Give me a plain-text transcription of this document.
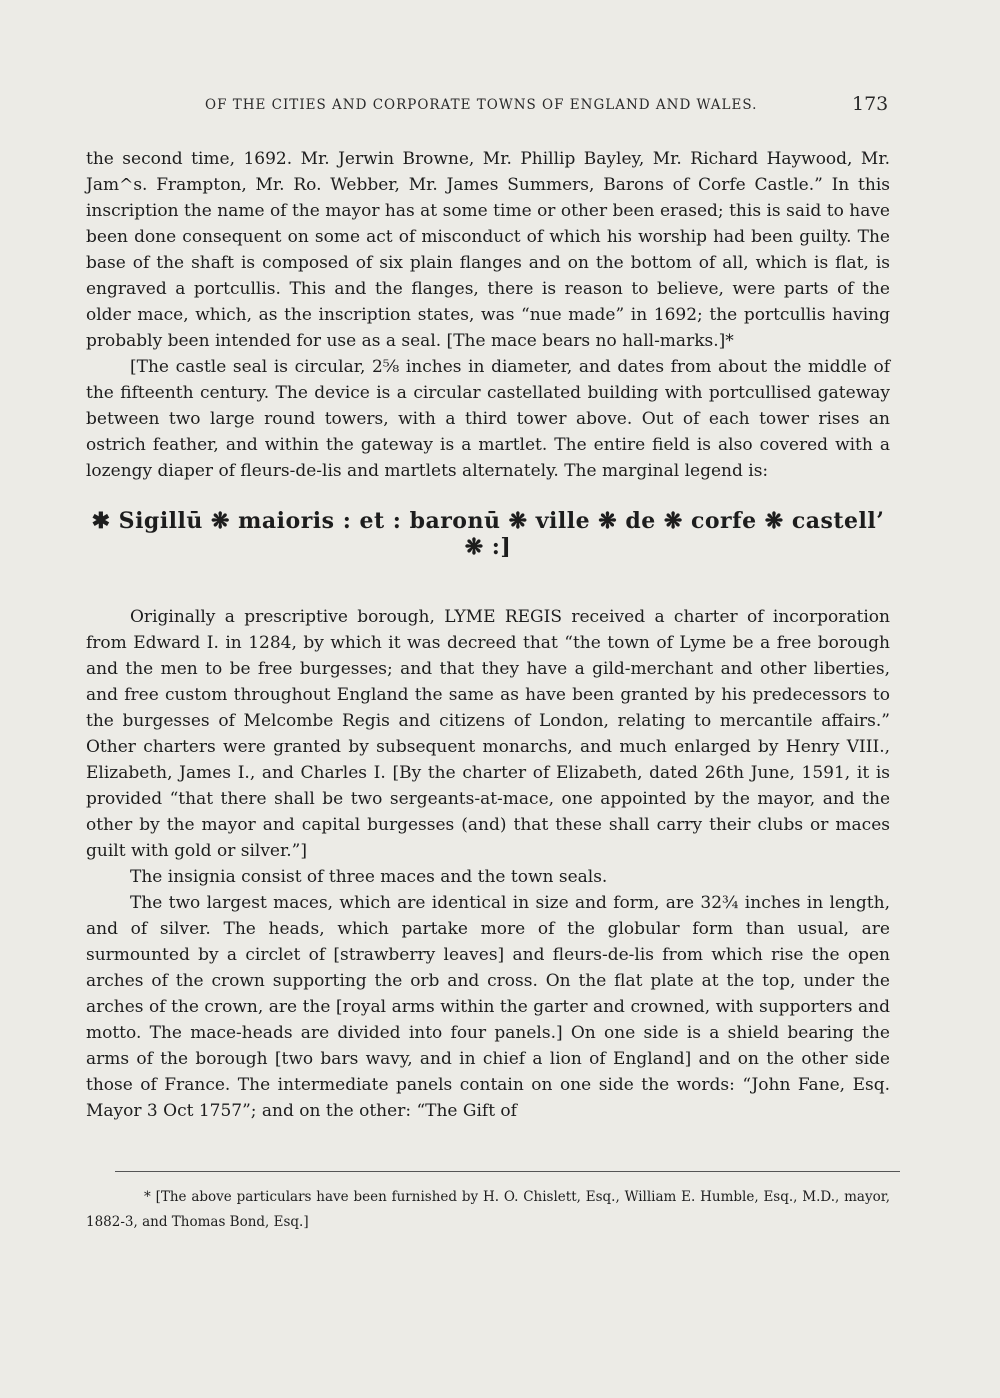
OF THE CITIES AND CORPORATE TOWNS OF ENGLAND AND WALES.	173

the second time, 1692. Mr. Jerwin Browne, Mr. Phillip Bayley, Mr. Richard Haywood, Mr. Jam^s. Frampton, Mr. Ro. Webber, Mr. James Summers, Barons of Corfe Castle.” In this inscription the name of the mayor has at some time or other been erased; this is said to have been done consequent on some act of misconduct of which his worship had been guilty. The base of the shaft is composed of six plain flanges and on the bottom of all, which is flat, is engraved a portcullis. This and the flanges, there is reason to believe, were parts of the older mace, which, as the inscription states, was “nue made” in 1692; the portcullis having probably been intended for use as a seal. [The mace bears no hall-marks.]*

[The castle seal is circular, 2⅝ inches in diameter, and dates from about the middle of the fifteenth century. The device is a circular castellated building with portcullised gateway between two large round towers, with a third tower above. Out of each tower rises an ostrich feather, and within the gateway is a martlet. The entire field is also covered with a lozengy diaper of fleurs-de-lis and martlets alternately. The marginal legend is:

✱ Sigillū ❋ maioris : et : baronū ❋ ville ❋ de ❋ corfe ❋ castell’ ❋ :]

Originally a prescriptive borough, LYME REGIS received a charter of incorporation from Edward I. in 1284, by which it was decreed that “the town of Lyme be a free borough and the men to be free burgesses; and that they have a gild-merchant and other liberties, and free custom throughout England the same as have been granted by his predecessors to the burgesses of Melcombe Regis and citizens of London, relating to mercantile affairs.” Other charters were granted by subsequent monarchs, and much enlarged by Henry VIII., Elizabeth, James I., and Charles I. [By the charter of Elizabeth, dated 26th June, 1591, it is provided “that there shall be two sergeants-at-mace, one appointed by the mayor, and the other by the mayor and capital burgesses (and) that these shall carry their clubs or maces guilt with gold or silver.”]

The insignia consist of three maces and the town seals.

The two largest maces, which are identical in size and form, are 32¾ inches in length, and of silver. The heads, which partake more of the globular form than usual, are surmounted by a circlet of [strawberry leaves] and fleurs-de-lis from which rise the open arches of the crown supporting the orb and cross. On the flat plate at the top, under the arches of the crown, are the [royal arms within the garter and crowned, with supporters and motto. The mace-heads are divided into four panels.] On one side is a shield bearing the arms of the borough [two bars wavy, and in chief a lion of England] and on the other side those of France. The intermediate panels contain on one side the words: “John Fane, Esq. Mayor 3 Oct 1757”; and on the other: “The Gift of

* [The above particulars have been furnished by H. O. Chislett, Esq., William E. Humble, Esq., M.D., mayor, 1882-3, and Thomas Bond, Esq.]
